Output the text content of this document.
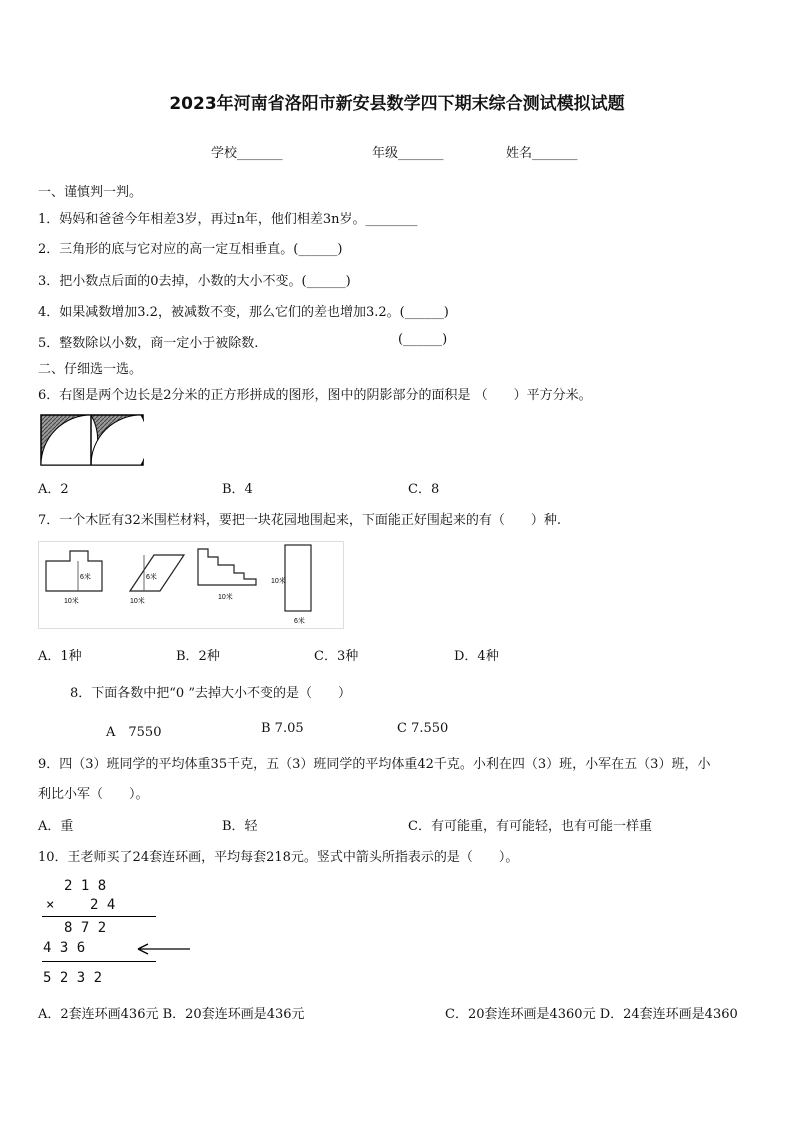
2023年河南省洛阳市新安县数学四下期末综合测试模拟试题
学校_______	年级_______	姓名_______
一、谨慎判一判。
1．妈妈和爸爸今年相差3岁，再过n年，他们相差3n岁。________
2．三角形的底与它对应的高一定互相垂直。(______)
3．把小数点后面的0去掉，小数的大小不变。(______)
4．如果减数增加3.2，被减数不变，那么它们的差也增加3.2。(______)
5．整数除以小数，商一定小于被除数.	(______)
二、仔细选一选。
6．右图是两个边长是2分米的正方形拼成的图形，图中的阴影部分的面积是 （　　）平方分米。
A．2	B．4	C．8
7．一个木匠有32米围栏材料，要把一块花园地围起来，下面能正好围起来的有（　　）种.
6米
10米
6米
10米
10米
10米
6米
A．1种	B．2种	C．3种	D．4种
8．下面各数中把“0 ”去掉大小不变的是（　　）
A　7550	B 7.05	C 7.550
9．四（3）班同学的平均体重35千克，五（3）班同学的平均体重42千克。小利在四（3）班，小军在五（3）班，小
利比小军（　　）。
A．重	B．轻	C．有可能重，有可能轻，也有可能一样重
10．王老师买了24套连环画，平均每套218元。竖式中箭头所指表示的是（　　）。
2 1 8
×	2 4
8 7 2
4 3 6
5 2 3 2
A．2套连环画436元 B．20套连环画是436元	C．20套连环画是4360元 D．24套连环画是4360
